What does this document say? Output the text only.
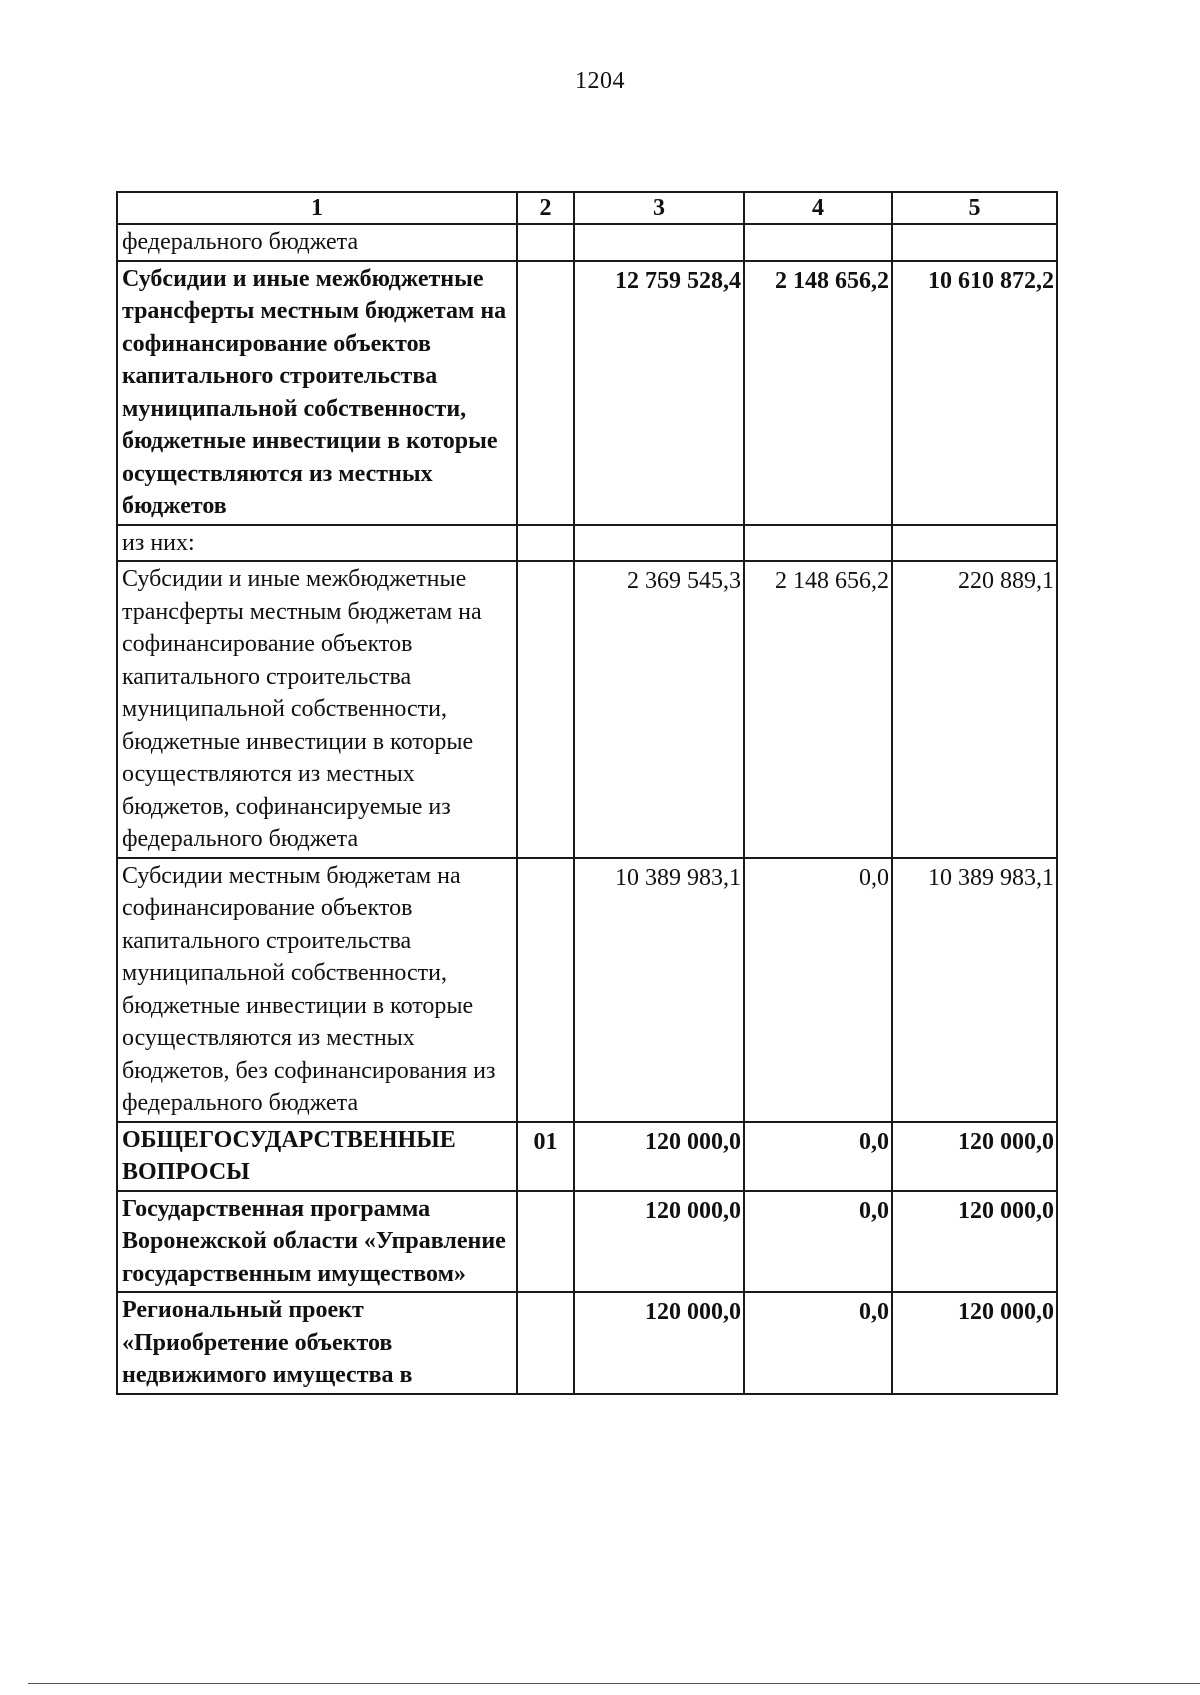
1204
1	2	3	4	5
федерального бюджета				
Субсидии и иные межбюджетные трансферты местным бюджетам на софинансирование объектов капитального строительства муниципальной собственности, бюджетные инвестиции в которые осуществляются из местных бюджетов		12 759 528,4	2 148 656,2	10 610 872,2
из них:				
Субсидии и иные межбюджетные трансферты местным бюджетам на софинансирование объектов капитального строительства муниципальной собственности, бюджетные инвестиции в которые осуществляются из местных бюджетов, софинансируемые из федерального бюджета		2 369 545,3	2 148 656,2	220 889,1
Субсидии местным бюджетам на софинансирование объектов капитального строительства муниципальной собственности, бюджетные инвестиции в которые осуществляются из местных бюджетов, без софинансирования из федерального бюджета		10 389 983,1	0,0	10 389 983,1
ОБЩЕГОСУДАРСТВЕННЫЕ ВОПРОСЫ	01	120 000,0	0,0	120 000,0
Государственная программа Воронежской области «Управление государственным имуществом»		120 000,0	0,0	120 000,0
Региональный проект «Приобретение объектов недвижимого имущества в		120 000,0	0,0	120 000,0
